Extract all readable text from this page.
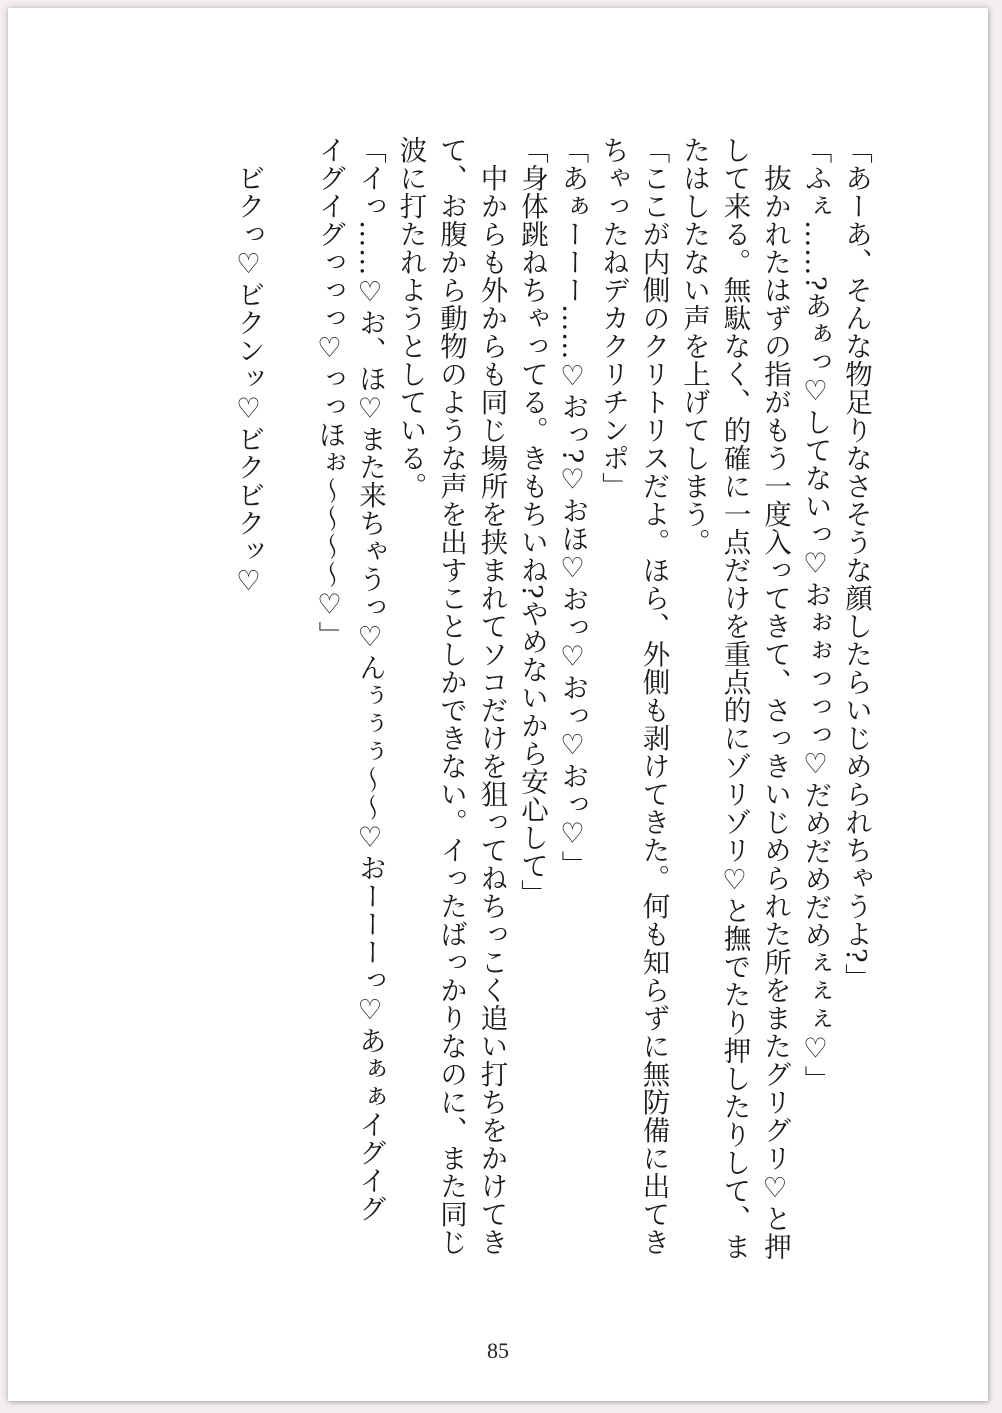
「あーあ、そんな物足りなさそうな顔したらいじめられちゃうよ?」
「ふぇ……?あぁっ♡してないっ♡おぉぉっっっ♡だめだめだめぇぇぇ♡」
　抜かれたはずの指がもう一度入ってきて、さっきいじめられた所をまたグリグリ♡と押
して来る。無駄なく、的確に一点だけを重点的にゾリゾリ♡と撫でたり押したりして、ま
たはしたない声を上げてしまう。
「ここが内側のクリトリスだよ。ほら、外側も剥けてきた。何も知らずに無防備に出てき
ちゃったねデカクリチンポ」
「あぁーーー……♡おっ?♡おほ♡おっ♡おっ♡おっ♡」
「身体跳ねちゃってる。きもちいね?やめないから安心して」
　中からも外からも同じ場所を挟まれてソコだけを狙ってねちっこく追い打ちをかけてき
て、お腹から動物のような声を出すことしかできない。イったばっかりなのに、また同じ
波に打たれようとしている。
「イっ……♡お、ほ♡また来ちゃうっ♡んぅぅぅ〜〜♡おーーーっ♡あぁぁイグイグ
イグイグっっっ♡っっほぉ〜〜〜〜♡」
　ビクっ♡ビクンッ♡ビクビクッ♡
85
